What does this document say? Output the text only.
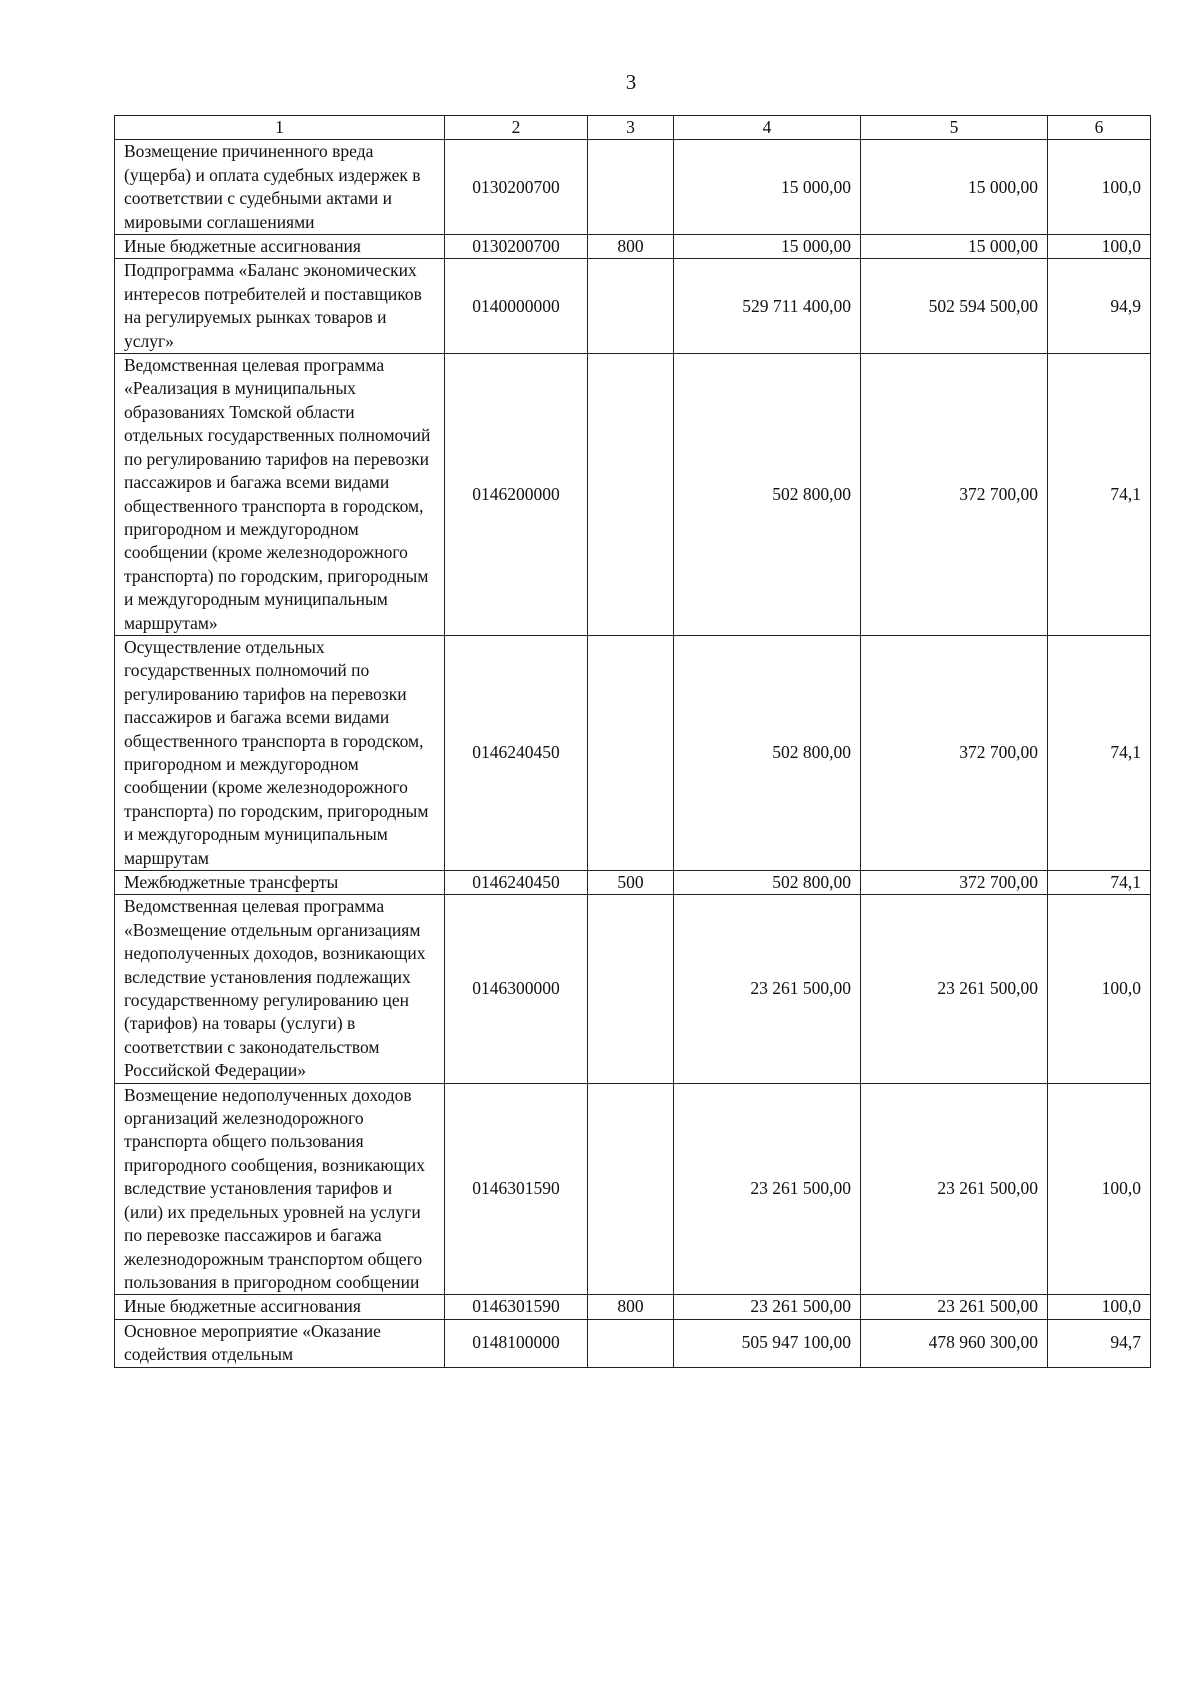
3
1	2	3	4	5	6
Возмещение причиненного вреда (ущерба) и оплата судебных издержек в соответствии с судебными актами и мировыми соглашениями	0130200700		15 000,00	15 000,00	100,0
Иные бюджетные ассигнования	0130200700	800	15 000,00	15 000,00	100,0
Подпрограмма «Баланс экономических интересов потребителей и поставщиков на регулируемых рынках товаров и услуг»	0140000000		529 711 400,00	502 594 500,00	94,9
Ведомственная целевая программа «Реализация в муниципальных образованиях Томской области отдельных государственных полномочий по регулированию тарифов на перевозки пассажиров и багажа всеми видами общественного транспорта в городском, пригородном и междугородном сообщении (кроме железнодорожного транспорта) по городским, пригородным и междугородным муниципальным маршрутам»	0146200000		502 800,00	372 700,00	74,1
Осуществление отдельных государственных полномочий по регулированию тарифов на перевозки пассажиров и багажа всеми видами общественного транспорта в городском, пригородном и междугородном сообщении (кроме железнодорожного транспорта) по городским, пригородным и междугородным муниципальным маршрутам	0146240450		502 800,00	372 700,00	74,1
Межбюджетные трансферты	0146240450	500	502 800,00	372 700,00	74,1
Ведомственная целевая программа «Возмещение отдельным организациям недополученных доходов, возникающих вследствие установления подлежащих государственному регулированию цен (тарифов) на товары (услуги) в соответствии с законодательством Российской Федерации»	0146300000		23 261 500,00	23 261 500,00	100,0
Возмещение недополученных доходов организаций железнодорожного транспорта общего пользования пригородного сообщения, возникающих вследствие установления тарифов и (или) их предельных уровней на услуги по перевозке пассажиров и багажа железнодорожным транспортом общего пользования в пригородном сообщении	0146301590		23 261 500,00	23 261 500,00	100,0
Иные бюджетные ассигнования	0146301590	800	23 261 500,00	23 261 500,00	100,0
Основное мероприятие «Оказание содействия отдельным	0148100000		505 947 100,00	478 960 300,00	94,7
